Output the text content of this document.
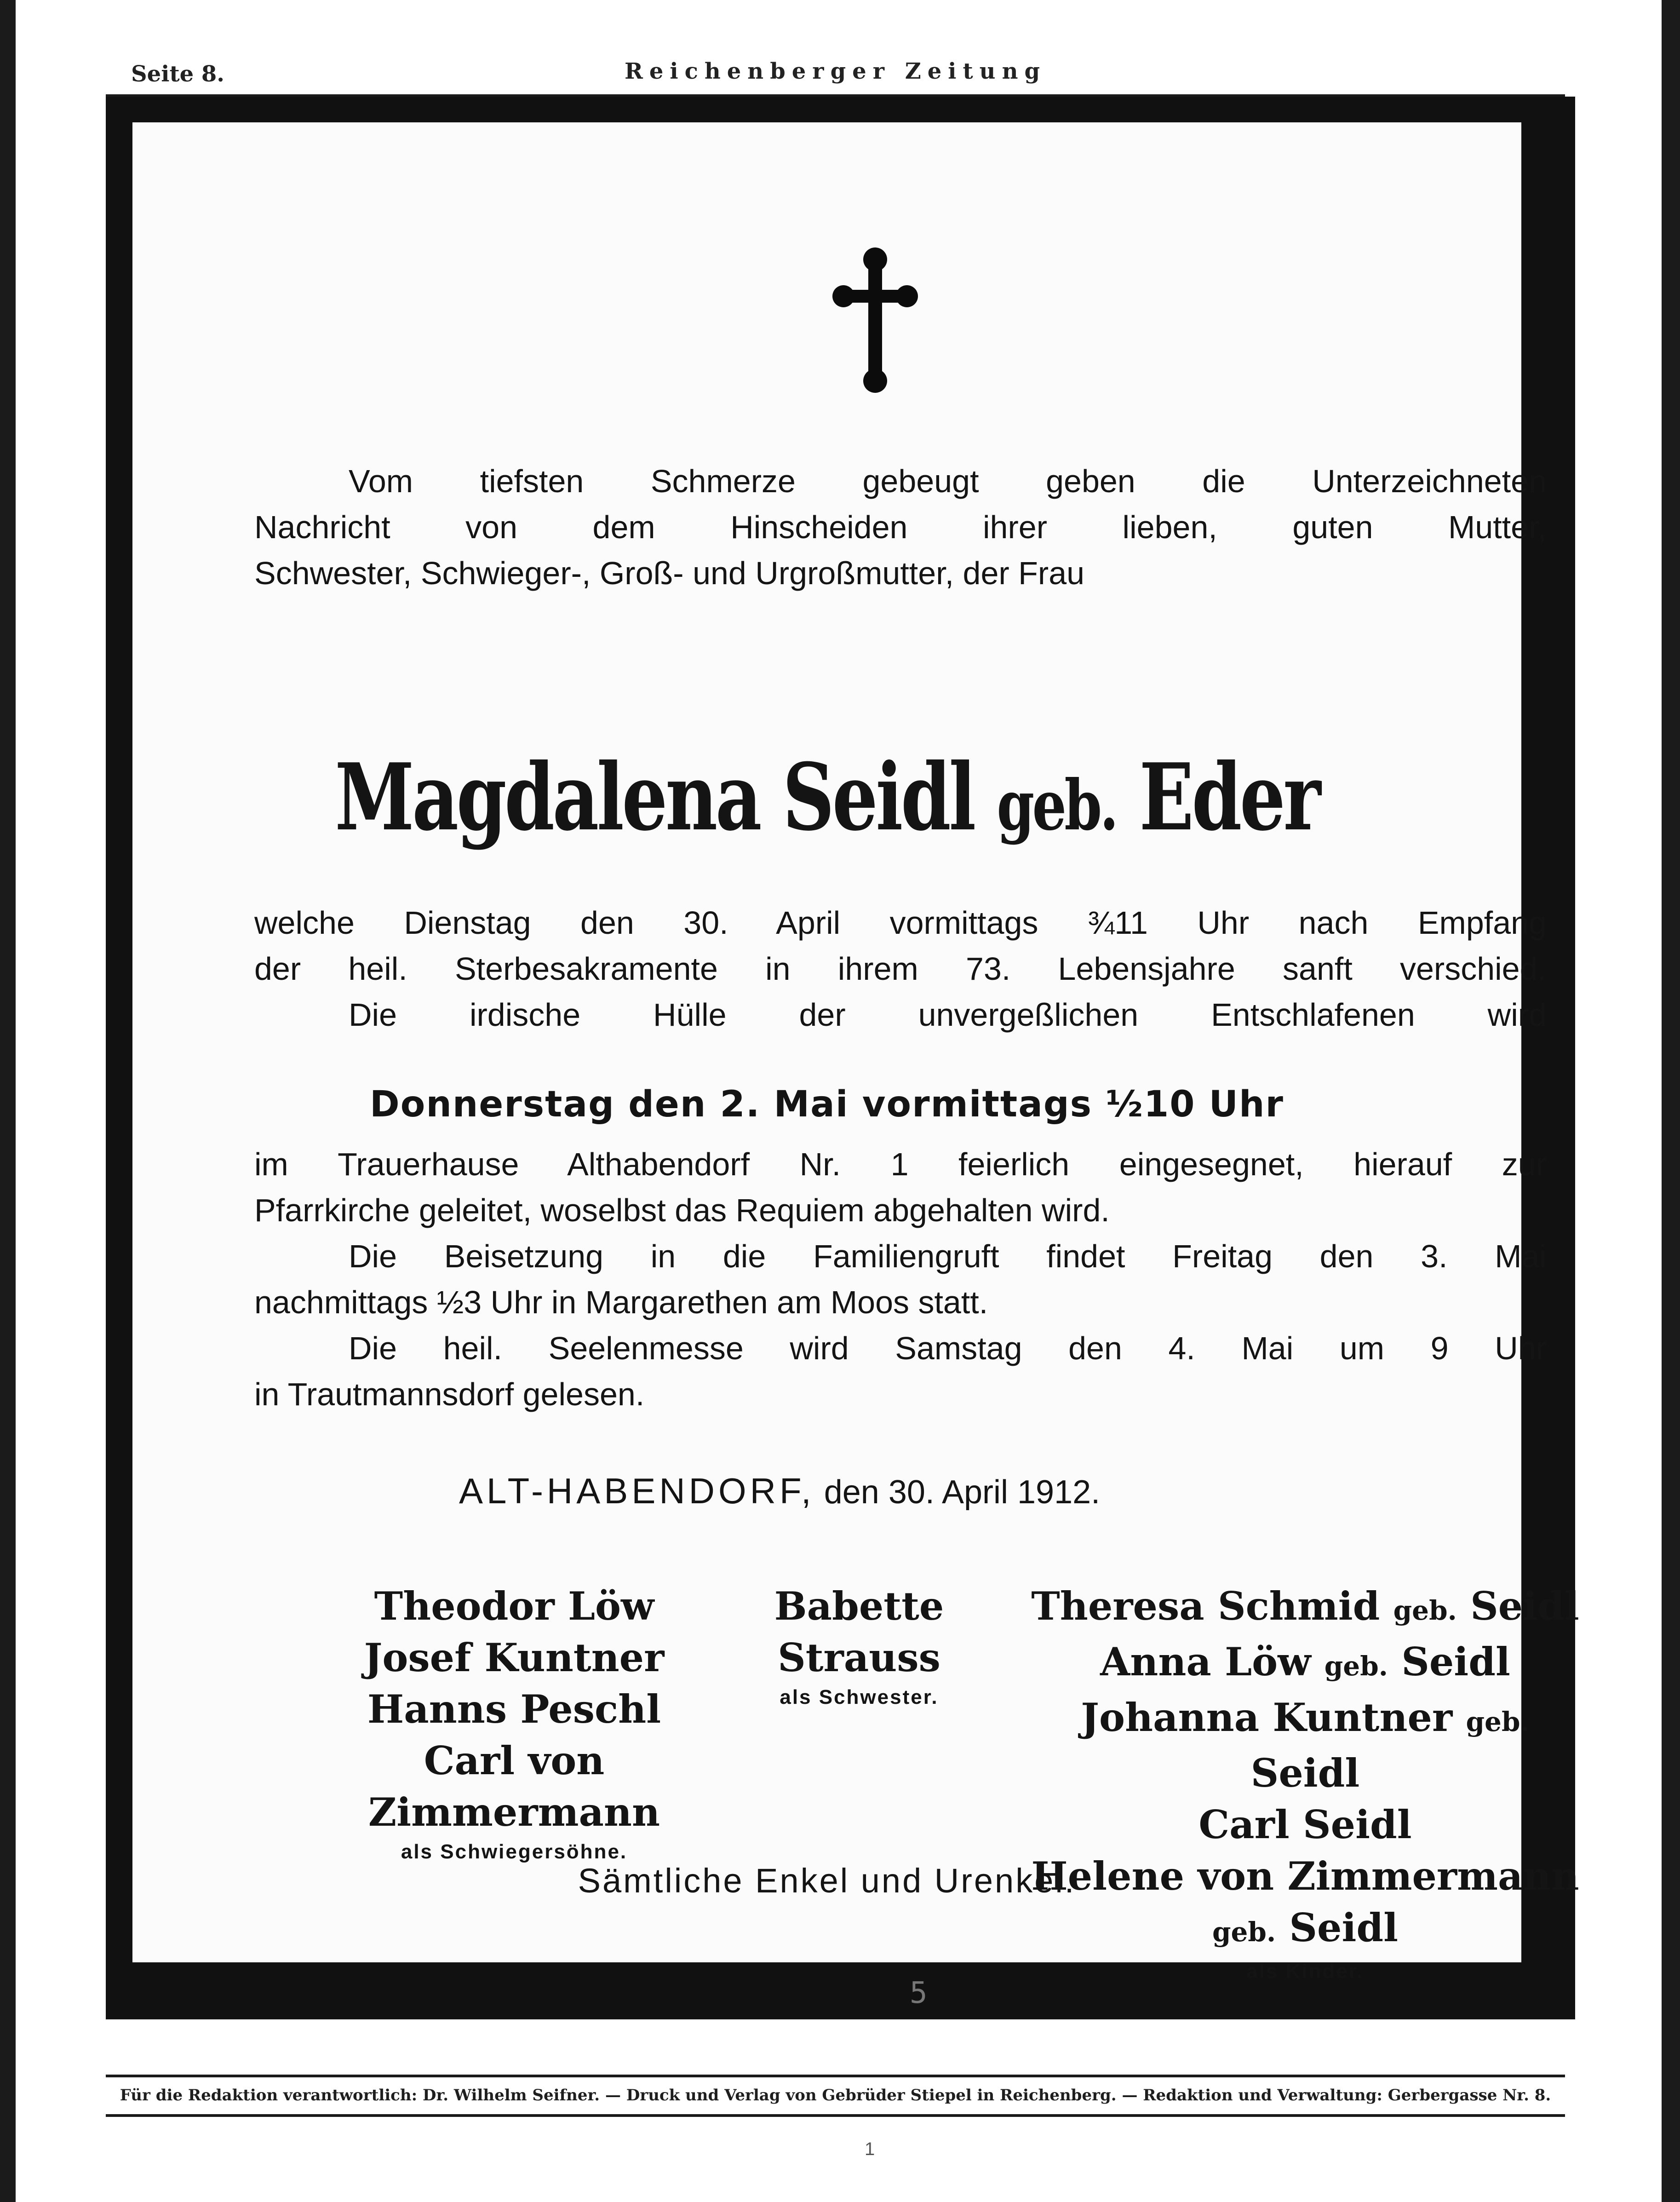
Seite 8.	Reichenberger Zeitung
Vom tiefsten Schmerze gebeugt geben die Unterzeichneten
Nachricht von dem Hinscheiden ihrer lieben, guten Mutter,
Schwester, Schwieger-, Groß- und Urgroßmutter, der Frau
Magdalena Seidl geb. Eder
welche Dienstag den 30. April vormittags ¾11 Uhr nach Empfang
der heil. Sterbesakramente in ihrem 73. Lebensjahre sanft verschied.
Die irdische Hülle der unvergeßlichen Entschlafenen wird
Donnerstag den 2. Mai vormittags ½10 Uhr
im Trauerhause Althabendorf Nr. 1 feierlich eingesegnet, hierauf zur
Pfarrkirche geleitet, woselbst das Requiem abgehalten wird.
Die Beisetzung in die Familiengruft findet Freitag den 3. Mai
nachmittags ½3 Uhr in Margarethen am Moos statt.
Die heil. Seelenmesse wird Samstag den 4. Mai um 9 Uhr
in Trautmannsdorf gelesen.
ALT-HABENDORF, den 30. April 1912.
Theodor Löw
Josef Kuntner
Hanns Peschl
Carl von Zimmermann
als Schwiegersöhne.
Babette Strauss
als Schwester.
Theresa Schmid geb. Seidl
Anna Löw geb. Seidl
Johanna Kuntner geb. Seidl
Carl Seidl
Helene von Zimmermann geb. Seidl
als Kinder.
Sämtliche Enkel und Urenkel.
5
Robert Bauer Leichenbestattungs-Unternehmung „Entreprise des pompes funèbres“.
Für die Redaktion verantwortlich: Dr. Wilhelm Seifner. — Druck und Verlag von Gebrüder Stiepel in Reichenberg. — Redaktion und Verwaltung: Gerbergasse Nr. 8.
1
